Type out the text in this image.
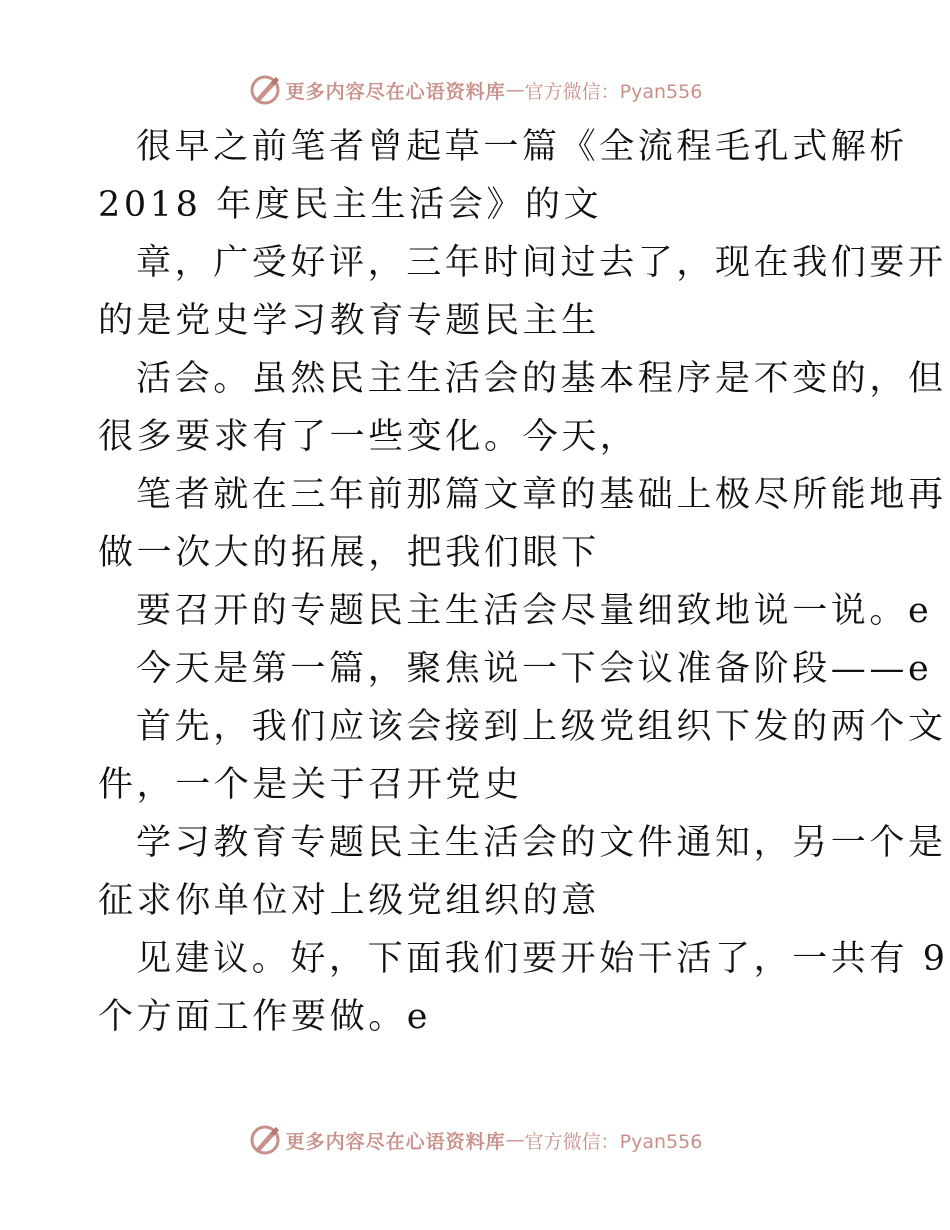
更多内容尽在心语资料库 — 官方微信：Pyan556
很早之前笔者曾起草一篇《全流程毛孔式解析
2018 年度民主生活会》的文
章，广受好评，三年时间过去了，现在我们要开
的是党史学习教育专题民主生
活会。虽然民主生活会的基本程序是不变的，但
很多要求有了一些变化。今天，
笔者就在三年前那篇文章的基础上极尽所能地再
做一次大的拓展，把我们眼下
要召开的专题民主生活会尽量细致地说一说。e
今天是第一篇，聚焦说一下会议准备阶段——e
首先，我们应该会接到上级党组织下发的两个文
件，一个是关于召开党史
学习教育专题民主生活会的文件通知，另一个是
征求你单位对上级党组织的意
见建议。好，下面我们要开始干活了，一共有 9
个方面工作要做。e
更多内容尽在心语资料库 — 官方微信：Pyan556
